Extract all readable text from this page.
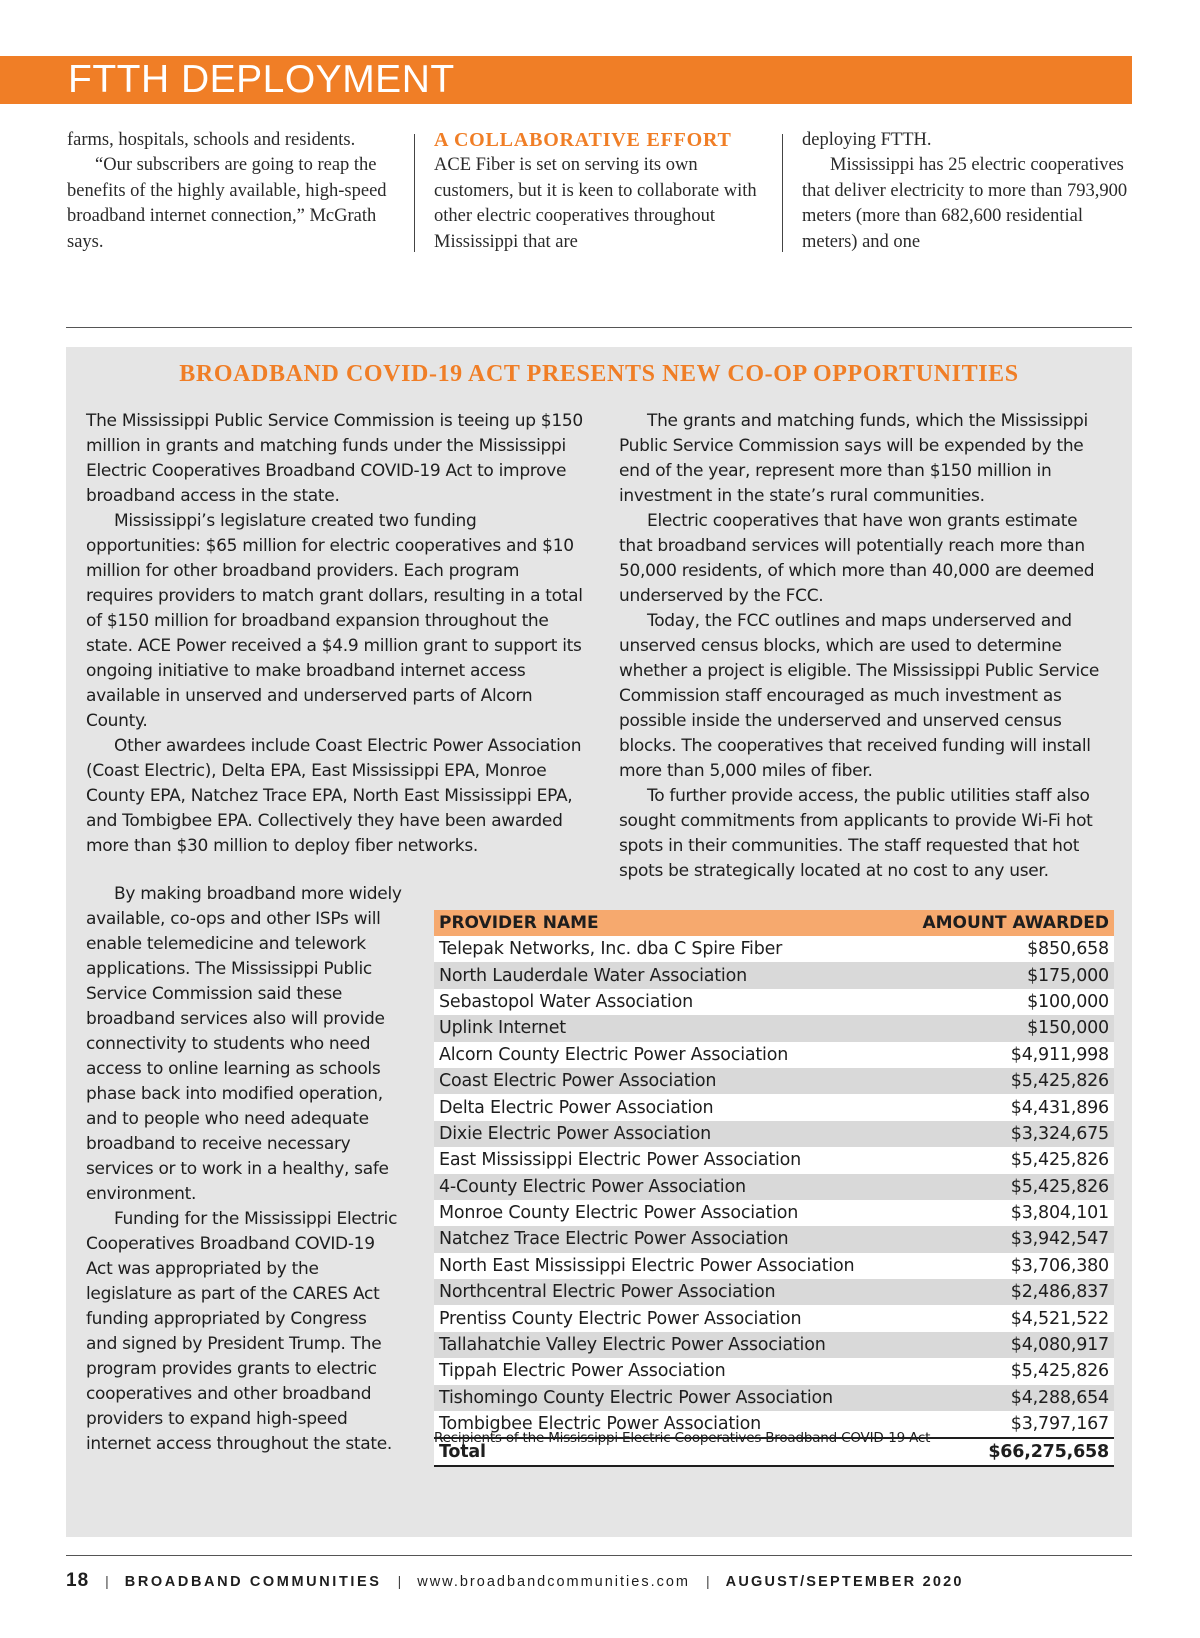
FTTH DEPLOYMENT

farms, hospitals, schools and residents.

“Our subscribers are going to reap the benefits of the highly available, high-speed broadband internet connection,” McGrath says.

A COLLABORATIVE EFFORT

ACE Fiber is set on serving its own customers, but it is keen to collaborate with other electric cooperatives throughout Mississippi that are

deploying FTTH.

Mississippi has 25 electric cooperatives that deliver electricity to more than 793,900 meters (more than 682,600 residential meters) and one

BROADBAND COVID-19 ACT PRESENTS NEW CO-OP OPPORTUNITIES

The Mississippi Public Service Commission is teeing up $150 million in grants and matching funds under the Mississippi Electric Cooperatives Broadband COVID-19 Act to improve broadband access in the state.

Mississippi’s legislature created two funding opportunities: $65 million for electric cooperatives and $10 million for other broadband providers. Each program requires providers to match grant dollars, resulting in a total of $150 million for broadband expansion throughout the state. ACE Power received a $4.9 million grant to support its ongoing initiative to make broadband internet access available in unserved and underserved parts of Alcorn County.

Other awardees include Coast Electric Power Association (Coast Electric), Delta EPA, East Mississippi EPA, Monroe County EPA, Natchez Trace EPA, North East Mississippi EPA, and Tombigbee EPA. Collectively they have been awarded more than $30 million to deploy fiber networks.

By making broadband more widely available, co-ops and other ISPs will enable telemedicine and telework applications. The Mississippi Public Service Commission said these broadband services also will provide connectivity to students who need access to online learning as schools phase back into modified operation, and to people who need adequate broadband to receive necessary services or to work in a healthy, safe environment.

Funding for the Mississippi Electric Cooperatives Broadband COVID-19 Act was appropriated by the legislature as part of the CARES Act funding appropriated by Congress and signed by President Trump. The program provides grants to electric cooperatives and other broadband providers to expand high-speed internet access throughout the state.

The grants and matching funds, which the Mississippi Public Service Commission says will be expended by the end of the year, represent more than $150 million in investment in the state’s rural communities.

Electric cooperatives that have won grants estimate that broadband services will potentially reach more than 50,000 residents, of which more than 40,000 are deemed underserved by the FCC.

Today, the FCC outlines and maps underserved and unserved census blocks, which are used to determine whether a project is eligible. The Mississippi Public Service Commission staff encouraged as much investment as possible inside the underserved and unserved census blocks. The cooperatives that received funding will install more than 5,000 miles of fiber.

To further provide access, the public utilities staff also sought commitments from applicants to provide Wi-Fi hot spots in their communities. The staff requested that hot spots be strategically located at no cost to any user.

PROVIDER NAME	AMOUNT AWARDED
Telepak Networks, Inc. dba C Spire Fiber	$850,658
North Lauderdale Water Association	$175,000
Sebastopol Water Association	$100,000
Uplink Internet	$150,000
Alcorn County Electric Power Association	$4,911,998
Coast Electric Power Association	$5,425,826
Delta Electric Power Association	$4,431,896
Dixie Electric Power Association	$3,324,675
East Mississippi Electric Power Association	$5,425,826
4-County Electric Power Association	$5,425,826
Monroe County Electric Power Association	$3,804,101
Natchez Trace Electric Power Association	$3,942,547
North East Mississippi Electric Power Association	$3,706,380
Northcentral Electric Power Association	$2,486,837
Prentiss County Electric Power Association	$4,521,522
Tallahatchie Valley Electric Power Association	$4,080,917
Tippah Electric Power Association	$5,425,826
Tishomingo County Electric Power Association	$4,288,654
Tombigbee Electric Power Association	$3,797,167
Total	$66,275,658
Recipients of the Mississippi Electric Cooperatives Broadband COVID-19 Act
18 | BROADBAND COMMUNITIES | www.broadbandcommunities.com | AUGUST/SEPTEMBER 2020
